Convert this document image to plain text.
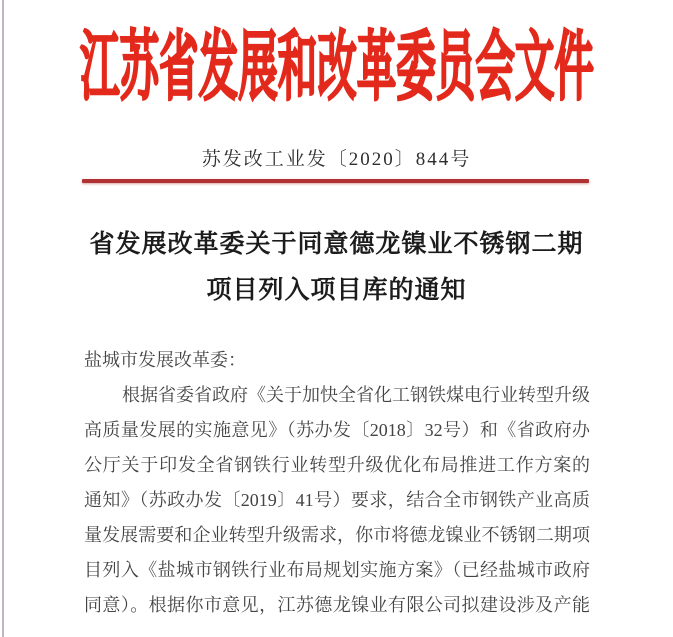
江苏省发展和改革委员会文件
苏发改工业发〔2020〕844号
省发展改革委关于同意德龙镍业不锈钢二期
项目列入项目库的通知
盐城市发展改革委：
根据省委省政府《关于加快全省化工钢铁煤电行业转型升级
高质量发展的实施意见》（苏办发〔2018〕32号）和《省政府办
公厅关于印发全省钢铁行业转型升级优化布局推进工作方案的
通知》（苏政办发〔2019〕41号）要求，结合全市钢铁产业高质
量发展需要和企业转型升级需求，你市将德龙镍业不锈钢二期项
目列入《盐城市钢铁行业布局规划实施方案》（已经盐城市政府
同意）。根据你市意见，江苏德龙镍业有限公司拟建设涉及产能
